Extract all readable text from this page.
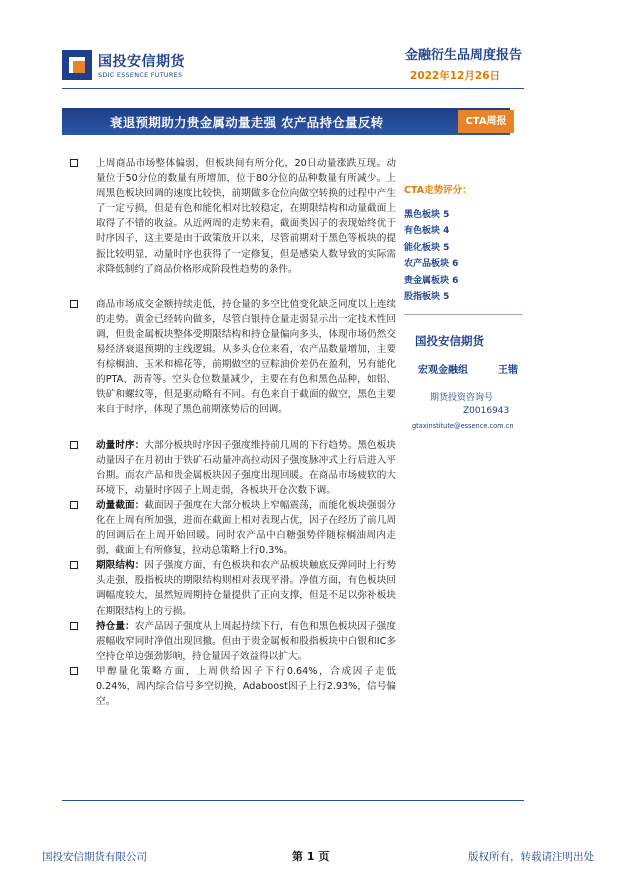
国投安信期货
SDIC ESSENCE FUTURES
金融衍生品周度报告
2022年12月26日
衰退预期助力贵金属动量走强 农产品持仓量反转	CTA周报
上周商品市场整体偏弱，但板块间有所分化，20日动量涨跌互现。动量位于50分位的数量有所增加，位于80分位的品种数量有所减少。上周黑色板块回调的速度比较快，前期做多仓位向做空转换的过程中产生了一定亏损，但是有色和能化相对比较稳定，在期限结构和动量截面上取得了不错的收益。从近两周的走势来看，截面类因子的表现始终优于时序因子，这主要是由于政策放开以来，尽管前期对于黑色等板块的提振比较明显，动量时序也获得了一定修复，但是感染人数导致的实际需求降低制约了商品价格形成阶段性趋势的条件。
商品市场成交金额持续走低，持仓量的多空比值变化缺乏同度以上连续的走势。黄金已经转向做多，尽管白银持仓量走弱显示出一定技术性回调，但贵金属板块整体受期限结构和持仓量偏向多头，体现市场仍然交易经济衰退预期的主线逻辑。从多头仓位来看，农产品数量增加，主要有棕榈油、玉米和棉花等，前期做空的豆粽油价差仍在盈利，另有能化的PTA、沥青等。空头仓位数量减少，主要在有色和黑色品种，如铝、铁矿和螺纹等，但是驱动略有不同。有色来自于截面的做空，黑色主要来自于时序，体现了黑色前期涨势后的回调。
动量时序：大部分板块时序因子强度维持前几周的下行趋势。黑色板块动量因子在月初由于铁矿石动量冲高拉动因子强度脉冲式上行后进入平台期。而农产品和贵金属板块因子强度出现回暖。在商品市场疲软的大环境下，动量时序因子上周走弱，各板块开仓次数下调。
动量截面：截面因子强度在大部分板块上窄幅震荡，而能化板块强弱分化在上周有所加强，进而在截面上相对表现占优，因子在经历了前几周的回调后在上周开始回暖。同时农产品中白糖强势伴随棕榈油周内走弱，截面上有所修复，拉动总策略上行0.3%。
期限结构：因子强度方面，有色板块和农产品板块触底反弹同时上行势头走强，股指板块的期限结构则相对表现平滑。净值方面，有色板块回调幅度较大，虽然短周期持仓量提供了正向支撑，但是不足以弥补板块在期限结构上的亏损。
持仓量：农产品因子强度从上周起持续下行，有色和黑色板块因子强度震幅收窄同时净值出现回撤。但由于贵金属板和股指板块中白银和IC多空持仓单边强劲影响，持仓量因子效益得以扩大。
甲醇量化策略方面，上周供给因子下行0.64%，合成因子走低0.24%，周内综合信号多空切换，Adaboost因子上行2.93%，信号偏空。
CTA走势评分：
黑色板块 5
有色板块 4
能化板块 5
农产品板块 6
贵金属板块 6
股指板块 5
国投安信期货
宏观金融组	王锴
期货投资咨询号
Z0016943
gtaxinstitute@essence.com.cn
国投安信期货有限公司	第 1 页	版权所有，转载请注明出处
